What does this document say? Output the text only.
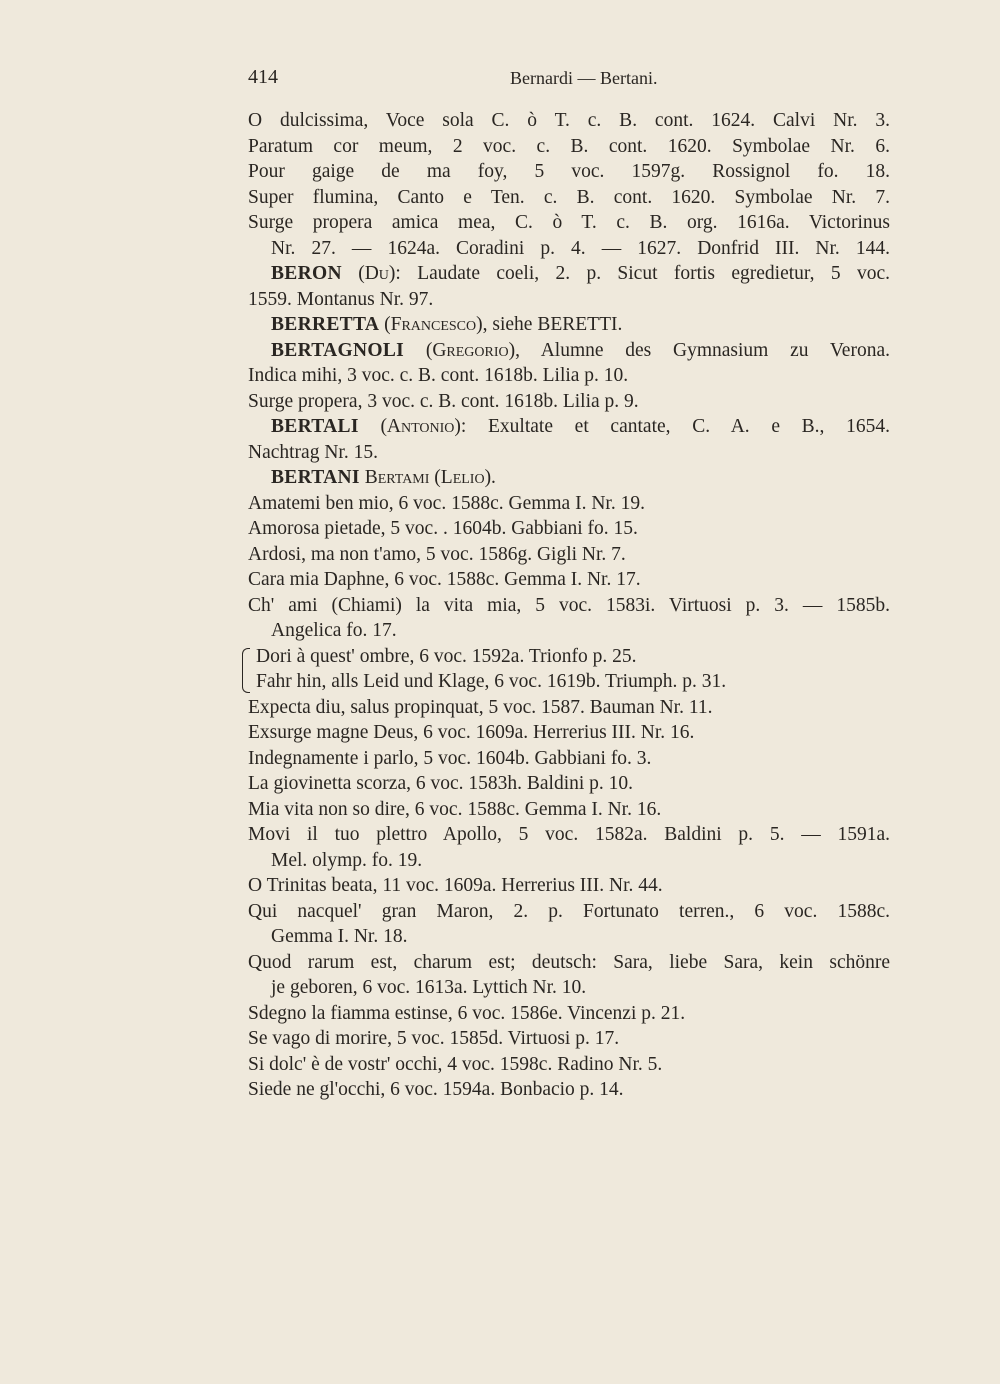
414	Bernardi — Bertani.
O dulcissima, Voce sola C. ò T. c. B. cont. 1624. Calvi Nr. 3.
Paratum cor meum, 2 voc. c. B. cont. 1620. Symbolae Nr. 6.
Pour gaige de ma foy, 5 voc. 1597g. Rossignol fo. 18.
Super flumina, Canto e Ten. c. B. cont. 1620. Symbolae Nr. 7.
Surge propera amica mea, C. ò T. c. B. org. 1616a. Victorinus
Nr. 27. — 1624a. Coradini p. 4. — 1627. Donfrid III. Nr. 144.
BERON (Du): Laudate coeli, 2. p. Sicut fortis egredietur, 5 voc.
1559. Montanus Nr. 97.
BERRETTA (Francesco), siehe BERETTI.
BERTAGNOLI (Gregorio), Alumne des Gymnasium zu Verona.
Indica mihi, 3 voc. c. B. cont. 1618b. Lilia p. 10.
Surge propera, 3 voc. c. B. cont. 1618b. Lilia p. 9.
BERTALI (Antonio): Exultate et cantate, C. A. e B., 1654.
Nachtrag Nr. 15.
BERTANI Bertami (Lelio).
Amatemi ben mio, 6 voc. 1588c. Gemma I. Nr. 19.
Amorosa pietade, 5 voc. . 1604b. Gabbiani fo. 15.
Ardosi, ma non t'amo, 5 voc. 1586g. Gigli Nr. 7.
Cara mia Daphne, 6 voc. 1588c. Gemma I. Nr. 17.
Ch' ami (Chiami) la vita mia, 5 voc. 1583i. Virtuosi p. 3. — 1585b.
Angelica fo. 17.
Dori à quest' ombre, 6 voc. 1592a. Trionfo p. 25.
Fahr hin, alls Leid und Klage, 6 voc. 1619b. Triumph. p. 31.
Expecta diu, salus propinquat, 5 voc. 1587. Bauman Nr. 11.
Exsurge magne Deus, 6 voc. 1609a. Herrerius III. Nr. 16.
Indegnamente i parlo, 5 voc. 1604b. Gabbiani fo. 3.
La giovinetta scorza, 6 voc. 1583h. Baldini p. 10.
Mia vita non so dire, 6 voc. 1588c. Gemma I. Nr. 16.
Movi il tuo plettro Apollo, 5 voc. 1582a. Baldini p. 5. — 1591a.
Mel. olymp. fo. 19.
O Trinitas beata, 11 voc. 1609a. Herrerius III. Nr. 44.
Qui nacquel' gran Maron, 2. p. Fortunato terren., 6 voc. 1588c.
Gemma I. Nr. 18.
Quod rarum est, charum est; deutsch: Sara, liebe Sara, kein schönre
je geboren, 6 voc. 1613a. Lyttich Nr. 10.
Sdegno la fiamma estinse, 6 voc. 1586e. Vincenzi p. 21.
Se vago di morire, 5 voc. 1585d. Virtuosi p. 17.
Si dolc' è de vostr' occhi, 4 voc. 1598c. Radino Nr. 5.
Siede ne gl'occhi, 6 voc. 1594a. Bonbacio p. 14.
